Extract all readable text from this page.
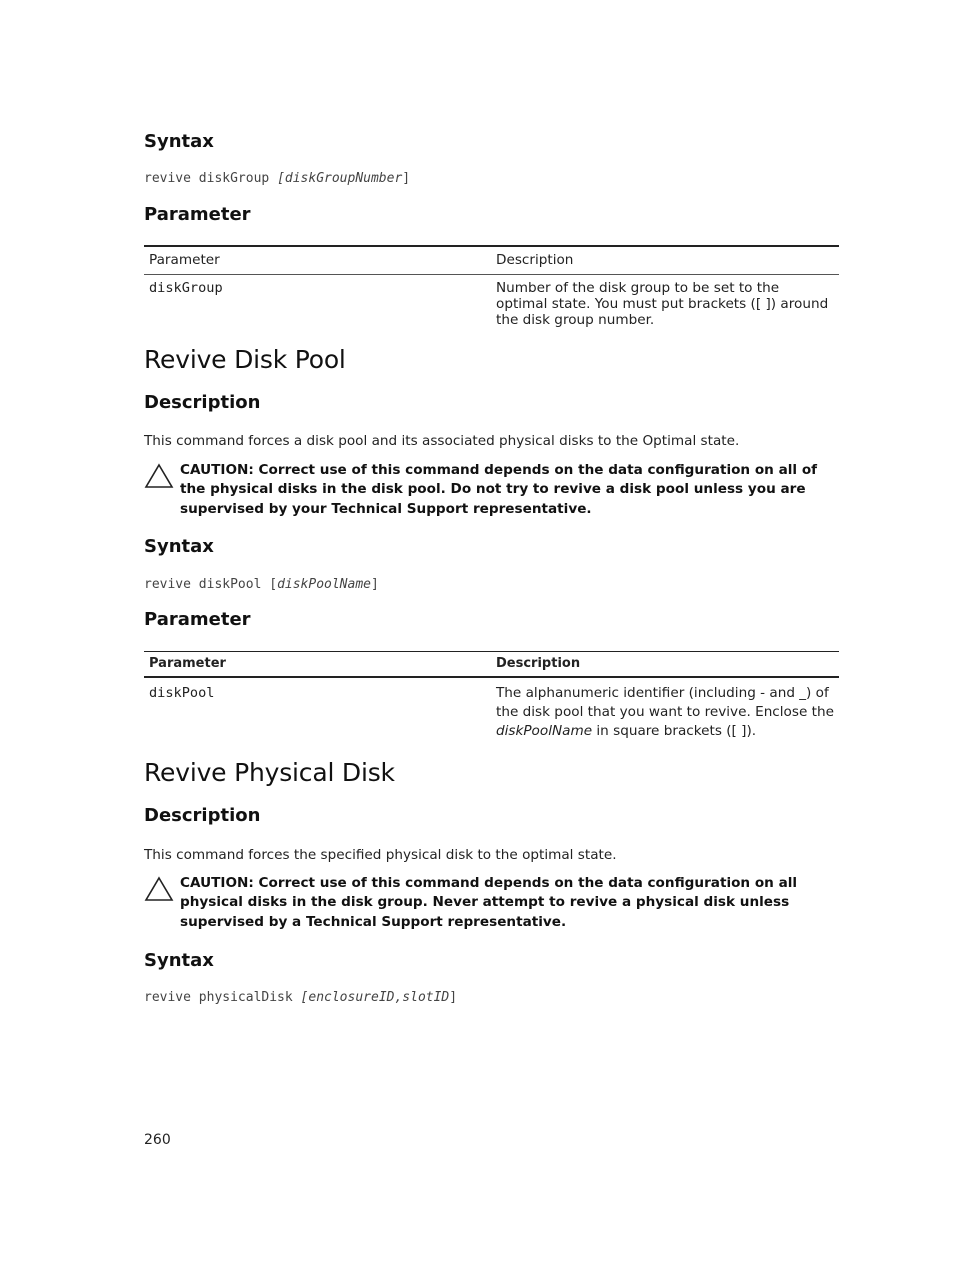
Syntax
revive diskGroup [diskGroupNumber]
Parameter
Parameter	Description
diskGroup	Number of the disk group to be set to the optimal state. You must put brackets ([ ]) around the disk group number.
Revive Disk Pool
Description
This command forces a disk pool and its associated physical disks to the Optimal state.
CAUTION: Correct use of this command depends on the data configuration on all of the physical disks in the disk pool. Do not try to revive a disk pool unless you are supervised by your Technical Support representative.
Syntax
revive diskPool [diskPoolName]
Parameter
Parameter	Description
diskPool	The alphanumeric identifier (including - and _) of the disk pool that you want to revive. Enclose the diskPoolName in square brackets ([ ]).
Revive Physical Disk
Description
This command forces the specified physical disk to the optimal state.
CAUTION: Correct use of this command depends on the data configuration on all physical disks in the disk group. Never attempt to revive a physical disk unless supervised by a Technical Support representative.
Syntax
revive physicalDisk [enclosureID,slotID]
260
